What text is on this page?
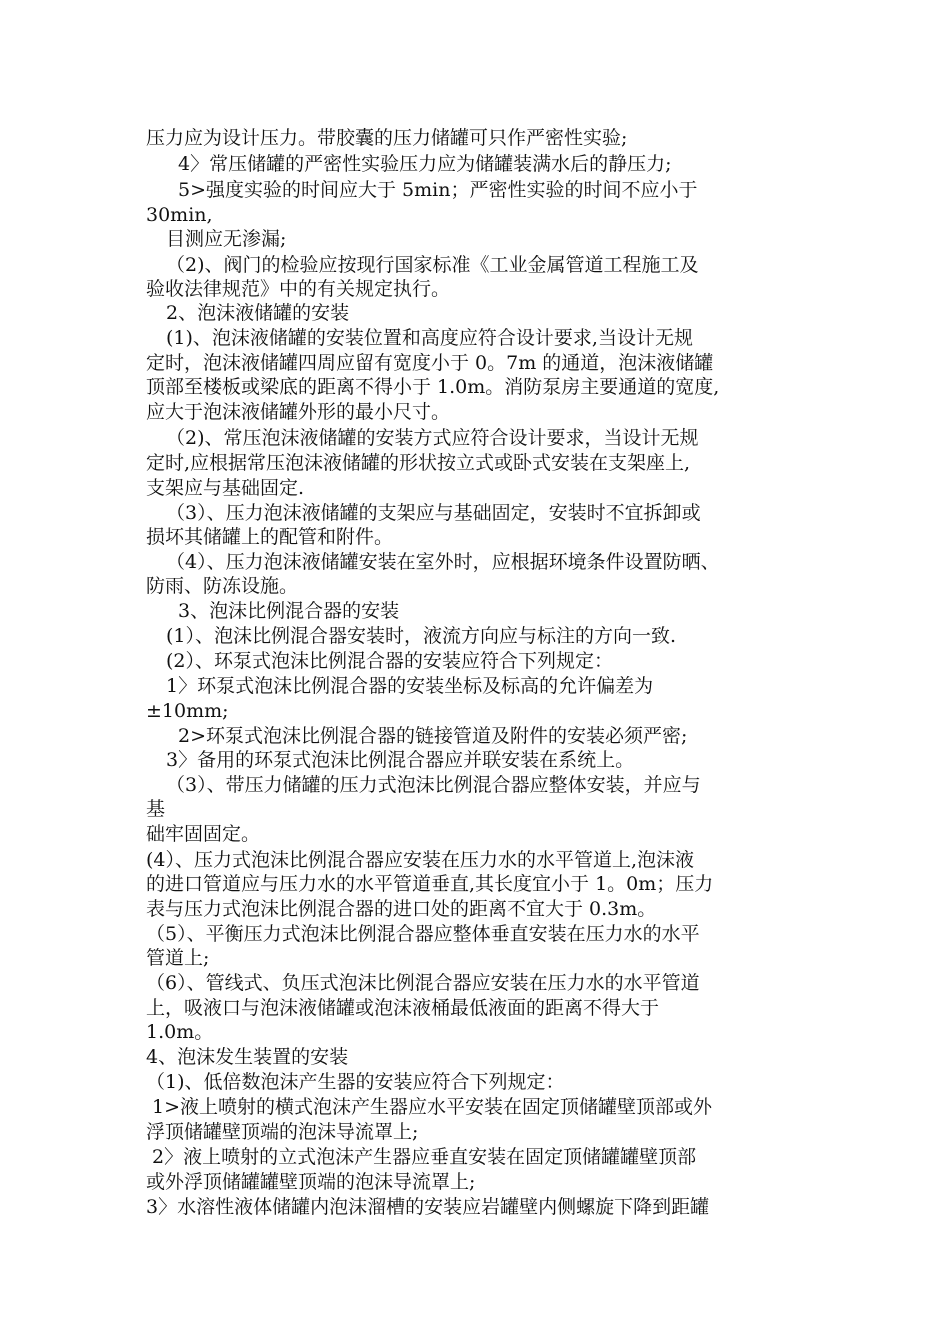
压力应为设计压力。带胶囊的压力储罐可只作严密性实验;
4〉常压储罐的严密性实验压力应为储罐装满水后的静压力;
5>强度实验的时间应大于 5min；严密性实验的时间不应小于
30min,
目测应无渗漏;
（2)、阀门的检验应按现行国家标准《工业金属管道工程施工及
验收法律规范》中的有关规定执行。
2、泡沫液储罐的安装
(1)、泡沫液储罐的安装位置和高度应符合设计要求,当设计无规
定时，泡沫液储罐四周应留有宽度小于 0。7m 的通道，泡沫液储罐
顶部至楼板或梁底的距离不得小于 1.0m。消防泵房主要通道的宽度,
应大于泡沫液储罐外形的最小尺寸。
（2)、常压泡沫液储罐的安装方式应符合设计要求，当设计无规
定时,应根据常压泡沫液储罐的形状按立式或卧式安装在支架座上,
支架应与基础固定.
（3）、压力泡沫液储罐的支架应与基础固定，安装时不宜拆卸或
损坏其储罐上的配管和附件。
（4）、压力泡沫液储罐安装在室外时，应根据环境条件设置防晒、
防雨、防冻设施。
3、泡沫比例混合器的安装
(1）、泡沫比例混合器安装时，液流方向应与标注的方向一致.
(2）、环泵式泡沫比例混合器的安装应符合下列规定：
1〉环泵式泡沫比例混合器的安装坐标及标高的允许偏差为
±10mm;
2>环泵式泡沫比例混合器的链接管道及附件的安装必须严密;
3〉备用的环泵式泡沫比例混合器应并联安装在系统上。
（3）、带压力储罐的压力式泡沫比例混合器应整体安装，并应与
基
础牢固固定。
(4）、压力式泡沫比例混合器应安装在压力水的水平管道上,泡沫液
的进口管道应与压力水的水平管道垂直,其长度宜小于 1。0m；压力
表与压力式泡沫比例混合器的进口处的距离不宜大于 0.3m。
（5）、平衡压力式泡沫比例混合器应整体垂直安装在压力水的水平
管道上;
（6）、管线式、负压式泡沫比例混合器应安装在压力水的水平管道
上，吸液口与泡沫液储罐或泡沫液桶最低液面的距离不得大于
1.0m。
4、泡沫发生装置的安装
（1)、低倍数泡沫产生器的安装应符合下列规定：
1>液上喷射的横式泡沫产生器应水平安装在固定顶储罐壁顶部或外
浮顶储罐壁顶端的泡沫导流罩上;
2〉液上喷射的立式泡沫产生器应垂直安装在固定顶储罐罐壁顶部
或外浮顶储罐罐壁顶端的泡沫导流罩上;
3〉水溶性液体储罐内泡沫溜槽的安装应岩罐壁内侧螺旋下降到距罐
